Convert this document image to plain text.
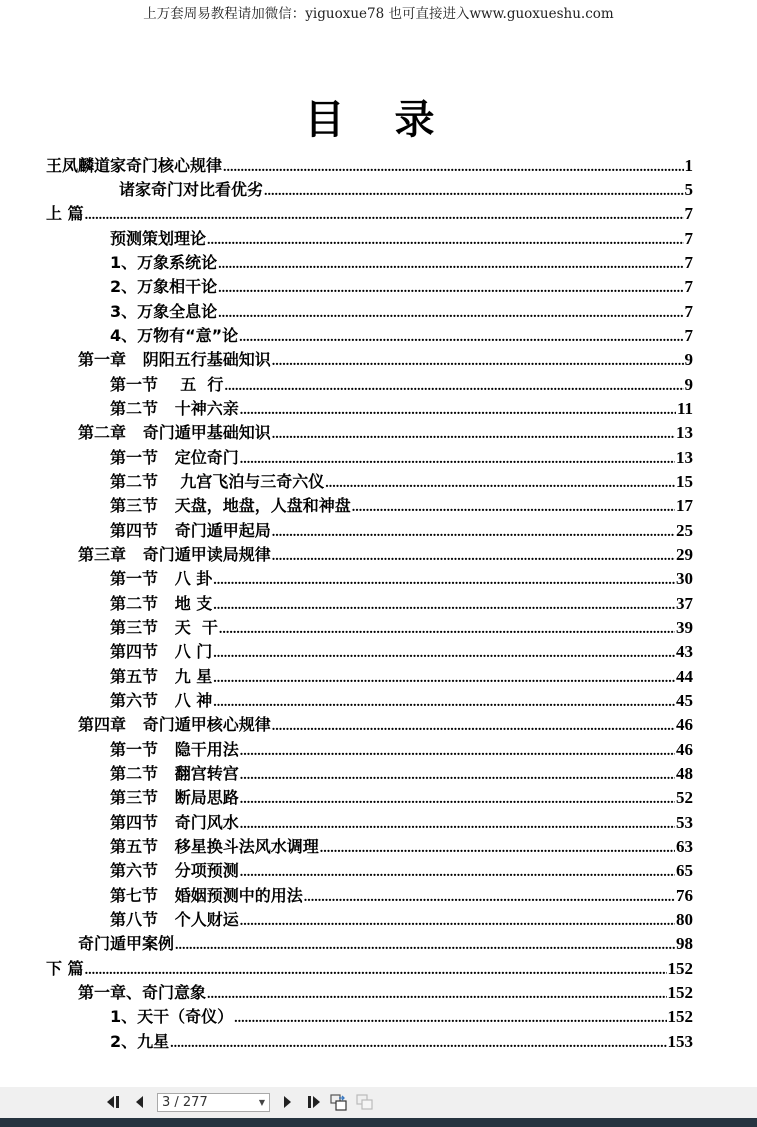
上万套周易教程请加微信：yiguoxue78 也可直接进入www.guoxueshu.com
目 录
王凤麟道家奇门核心规律 .....	1
诸家奇门对比看优劣 .....	5
上 篇 .....	7
预测策划理论 .....	7
1、万象系统论 .....	7
2、万象相干论 .....	7
3、万象全息论 .....	7
4、万物有“意”论 .....	7
第一章   阴阳五行基础知识 .....	9
第一节    五  行 .....	9
第二节   十神六亲 .....	11
第二章   奇门遁甲基础知识 .....	13
第一节   定位奇门 .....	13
第二节    九宫飞泊与三奇六仪 .....	15
第三节   天盘，地盘，人盘和神盘 .....	17
第四节   奇门遁甲起局 .....	25
第三章   奇门遁甲读局规律 .....	29
第一节   八 卦 .....	30
第二节   地 支 .....	37
第三节   天  干 .....	39
第四节   八 门 .....	43
第五节   九 星 .....	44
第六节   八 神 .....	45
第四章   奇门遁甲核心规律 .....	46
第一节   隐干用法 .....	46
第二节   翻宫转宫 .....	48
第三节   断局思路 .....	52
第四节   奇门风水 .....	53
第五节   移星换斗法风水调理 .....	63
第六节   分项预测 .....	65
第七节   婚姻预测中的用法 .....	76
第八节   个人财运 .....	80
奇门遁甲案例 .....	98
下 篇 .....	152
第一章、奇门意象 .....	152
1、天干（奇仪） .....	152
2、九星 .....	153
3 / 277	▼
